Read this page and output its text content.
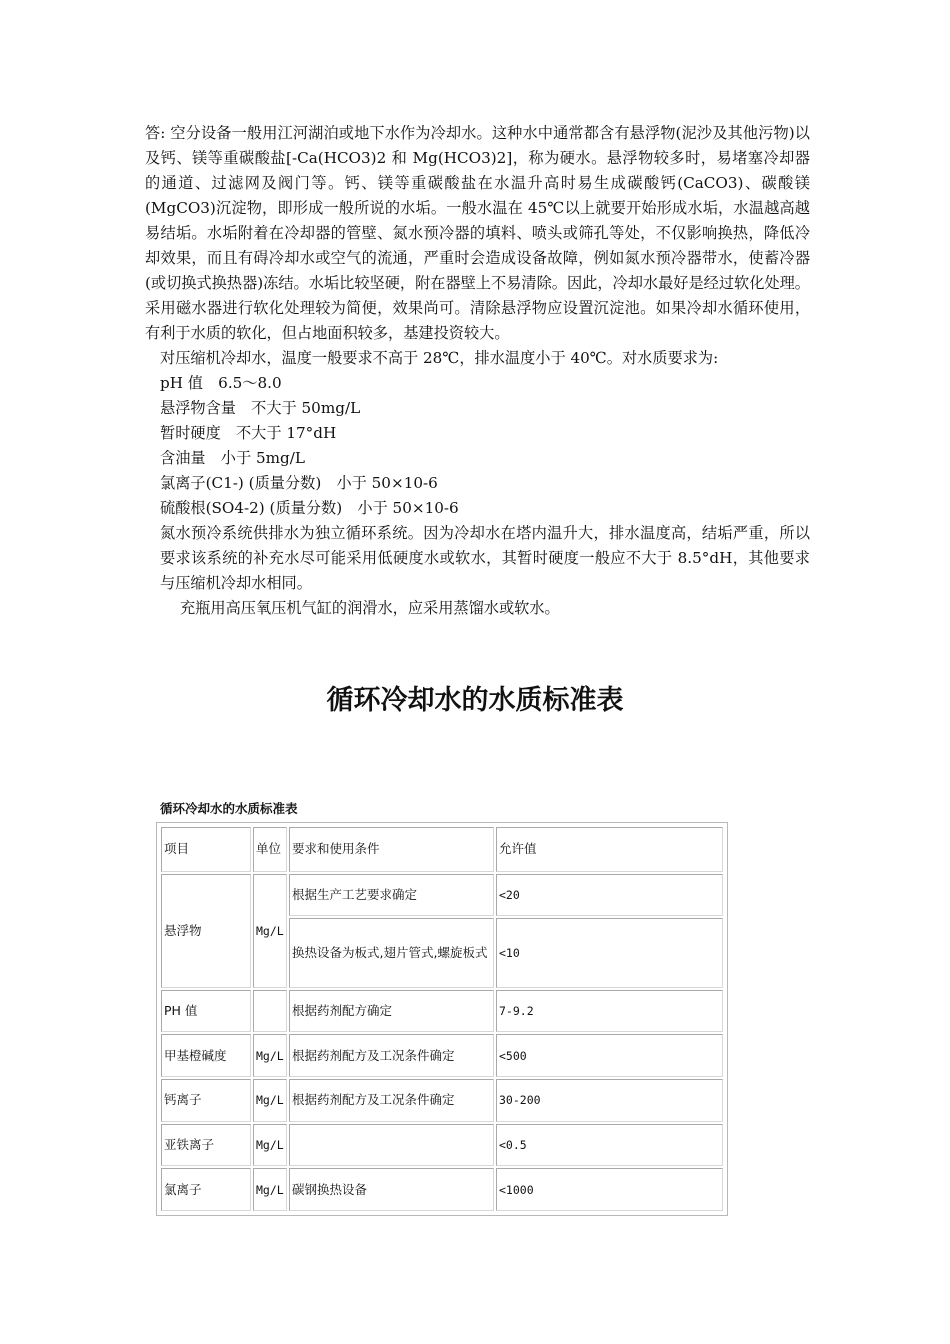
答: 空分设备一般用江河湖泊或地下水作为冷却水。这种水中通常都含有悬浮物(泥沙及其他污物)以及钙、镁等重碳酸盐[-Ca(HCO3)2 和 Mg(HCO3)2]，称为硬水。悬浮物较多时，易堵塞冷却器的通道、过滤网及阀门等。钙、镁等重碳酸盐在水温升高时易生成碳酸钙(CaCO3)、碳酸镁(MgCO3)沉淀物，即形成一般所说的水垢。一般水温在 45℃以上就要开始形成水垢，水温越高越易结垢。水垢附着在冷却器的管壁、氮水预冷器的填料、喷头或筛孔等处，不仅影响换热，降低冷却效果，而且有碍冷却水或空气的流通，严重时会造成设备故障，例如氮水预冷器带水，使蓄冷器(或切换式换热器)冻结。水垢比较坚硬，附在器壁上不易清除。因此，冷却水最好是经过软化处理。采用磁水器进行软化处理较为简便，效果尚可。清除悬浮物应设置沉淀池。如果冷却水循环使用，有利于水质的软化，但占地面积较多，基建投资较大。

对压缩机冷却水，温度一般要求不高于 28℃，排水温度小于 40℃。对水质要求为:

pH 值　6.5～8.0

悬浮物含量　不大于 50mg/L

暂时硬度　不大于 17°dH

含油量　小于 5mg/L

氯离子(C1-) (质量分数)　小于 50×10-6

硫酸根(SO4-2) (质量分数)　小于 50×10-6

氮水预冷系统供排水为独立循环系统。因为冷却水在塔内温升大，排水温度高，结垢严重，所以要求该系统的补充水尽可能采用低硬度水或软水，其暂时硬度一般应不大于 8.5°dH，其他要求与压缩机冷却水相同。

充瓶用高压氧压机气缸的润滑水，应采用蒸馏水或软水。

循环冷却水的水质标准表
循环冷却水的水质标准表
项目	单位	要求和使用条件	允许值
悬浮物	Mg/L	根据生产工艺要求确定	<20
		换热设备为板式,翅片管式,螺旋板式	<10
PH 值		根据药剂配方确定	7-9.2
甲基橙碱度	Mg/L	根据药剂配方及工况条件确定	<500
钙离子	Mg/L	根据药剂配方及工况条件确定	30-200
亚铁离子	Mg/L		<0.5
氯离子	Mg/L	碳钢换热设备	<1000
